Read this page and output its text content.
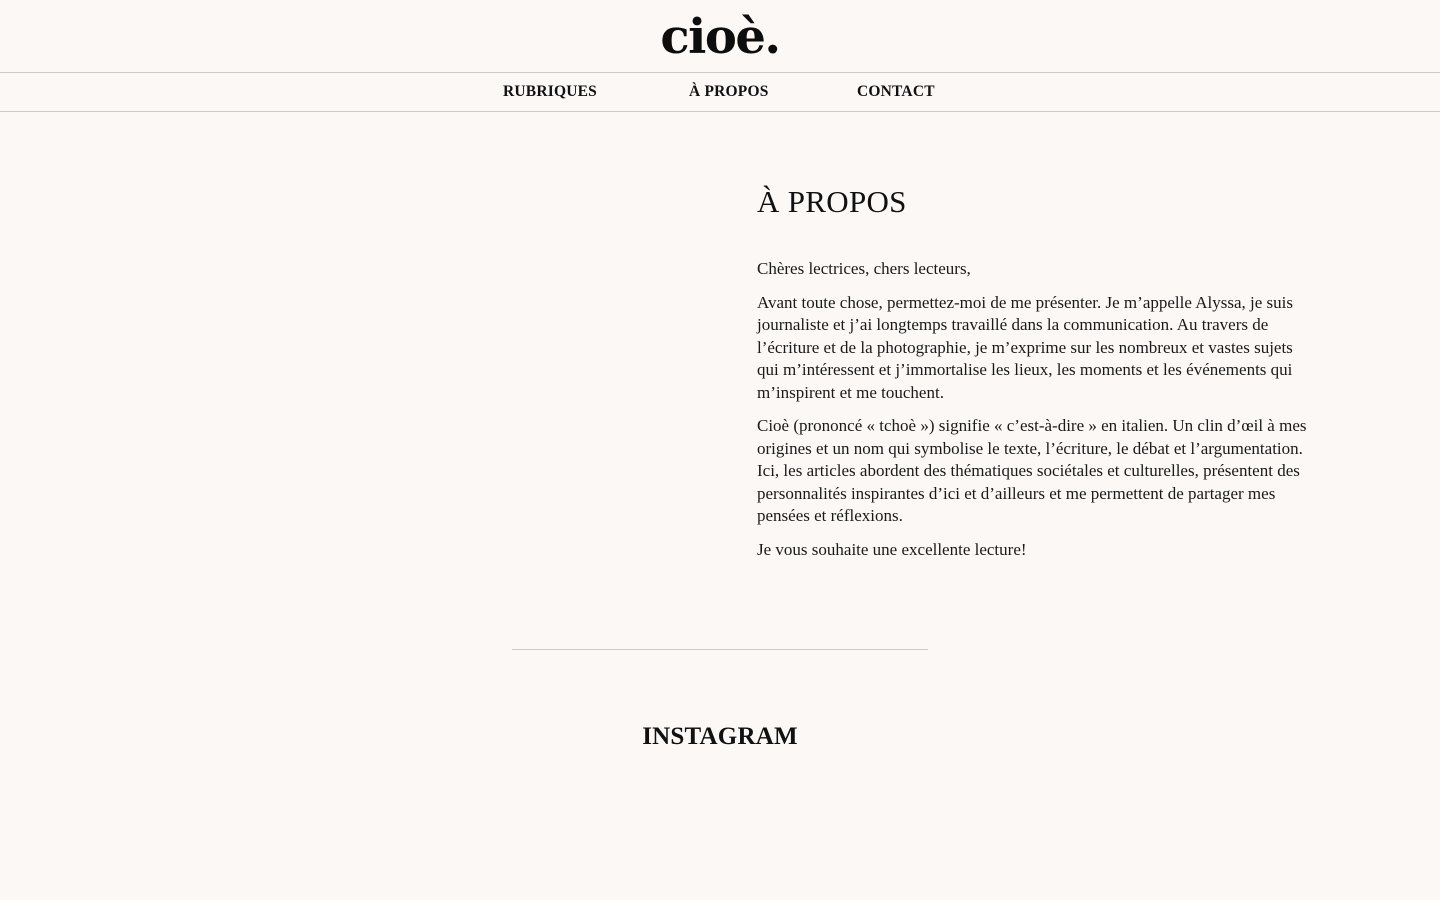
cioè.
RUBRIQUES	À PROPOS	CONTACT
À PROPOS

Chères lectrices, chers lecteurs,

Avant toute chose, permettez-moi de me présenter. Je m’appelle Alyssa, je suis journaliste et j’ai longtemps travaillé dans la communication. Au travers de l’écriture et de la photographie, je m’exprime sur les nombreux et vastes sujets qui m’intéressent et j’immortalise les lieux, les moments et les événements qui m’inspirent et me touchent.

Cioè (prononcé « tchoè ») signifie « c’est-à-dire » en italien. Un clin d’œil à mes origines et un nom qui symbolise le texte, l’écriture, le débat et l’argumentation. Ici, les articles abordent des thématiques sociétales et culturelles, présentent des personnalités inspirantes d’ici et d’ailleurs et me permettent de partager mes pensées et réflexions.

Je vous souhaite une excellente lecture!

INSTAGRAM
